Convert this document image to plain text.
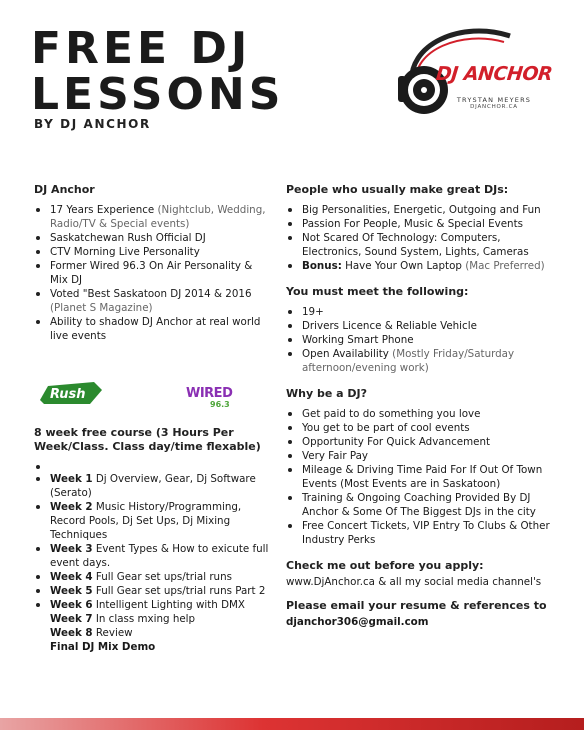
FREE DJ
LESSONS
BY DJ ANCHOR
DJ ANCHOR
TRYSTAN MEYERS
DJANCHOR.CA
DJ Anchor
17 Years Experience (Nightclub, Wedding, Radio/TV & Special events)
Saskatchewan Rush Official DJ
CTV Morning Live Personality
Former Wired 96.3 On Air Personality & Mix DJ
Voted "Best Saskatoon DJ 2014 & 2016 (Planet S Magazine)
Ability to shadow DJ Anchor at real world live events
Rush	WIRED
96.3
8 week free course (3 Hours Per Week/Class. Class day/time flexable)
Week 1 Dj Overview, Gear, Dj Software (Serato)
Week 2 Music History/Programming, Record Pools, Dj Set Ups, Dj Mixing Techniques
Week 3 Event Types & How to exicute full event days.
Week 4 Full Gear set ups/trial runs
Week 5 Full Gear set ups/trial runs Part 2
Week 6 Intelligent Lighting with DMX
Week 7 In class mxing help
Week 8 Review
Final DJ Mix Demo
People who usually make great DJs:
Big Personalities, Energetic, Outgoing and Fun
Passion For People, Music & Special Events
Not Scared Of Technology: Computers, Electronics, Sound System, Lights, Cameras
Bonus: Have Your Own Laptop (Mac Preferred)
You must meet the following:
19+
Drivers Licence & Reliable Vehicle
Working Smart Phone
Open Availability (Mostly Friday/Saturday afternoon/evening work)
Why be a DJ?
Get paid to do something you love
You get to be part of cool events
Opportunity For Quick Advancement
Very Fair Pay
Mileage & Driving Time Paid For If Out Of Town Events (Most Events are in Saskatoon)
Training & Ongoing Coaching Provided By DJ Anchor & Some Of The Biggest DJs in the city
Free Concert Tickets, VIP Entry To Clubs & Other Industry Perks
Check me out before you apply:
www.DjAnchor.ca & all my social media channel's
Please email your resume & references to
djanchor306@gmail.com
